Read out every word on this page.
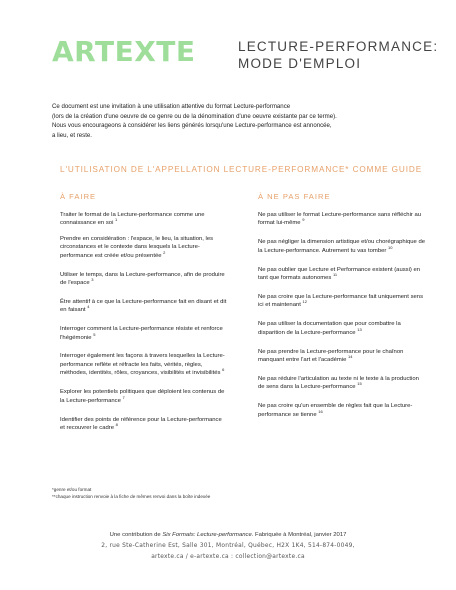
ARTEXTE	LECTURE-PERFORMANCE:
MODE D'EMPLOI
Ce document est une invitation à une utilisation attentive du format Lecture-performance
(lors de la création d'une oeuvre de ce genre ou de la dénomination d'une oeuvre existante par ce terme).
Nous vous encourageons à considérer les liens générés lorsqu'une Lecture-performance est annoncée,
a lieu, et reste.
L'UTILISATION DE L'APPELLATION LECTURE-PERFORMANCE* COMME GUIDE
À FAIRE
Traiter le format de la Lecture-performance comme une connaissance en soi $^1$
Prendre en considération : l'espace, le lieu, la situation, les circonstances et le contexte dans lesquels la Lecture-performance est créée et/ou présentée $^2$
Utiliser le temps, dans la Lecture-performance, afin de produire de l'espace $^3$
Être attentif à ce que la Lecture-performance fait en disant et dit en faisant $^4$
Interroger comment la Lecture-performance résiste et renforce l'hégémonie $^5$
Interroger également les façons à travers lesquelles la Lecture-performance reflète et réfracte les faits, vérités, règles, méthodes, identités, rôles, croyances, visibilités et invisibilités $^6$
Explorer les potentiels politiques que déploient les contenus de la Lecture-performance $^7$
Identifier des points de référence pour la Lecture-performance et recouvrer le cadre $^8$
À NE PAS FAIRE
Ne pas utiliser le format Lecture-performance sans réfléchir au format lui-même $^9$
Ne pas négliger la dimension artistique et/ou chorégraphique de la Lecture-performance. Autrement tu vas tomber $^{10}$
Ne pas oublier que Lecture et Performance existent (aussi) en tant que formats autonomes $^{11}$
Ne pas croire que la Lecture-performance fait uniquement sens ici et maintenant $^{12}$
Ne pas utiliser la documentation que pour combattre la disparition de la Lecture-performance $^{13}$
Ne pas prendre la Lecture-performance pour le chaînon manquant entre l'art et l'académie $^{14}$
Ne pas réduire l'articulation au texte ni le texte à la production de sens dans la Lecture-performance $^{15}$
Ne pas croire qu'un ensemble de règles fait que la Lecture-performance se tienne $^{16}$
*genre et/ou format
**chaque instruction renvoie à la fiche de mêmes renvoi dans la boîte indexée
Une contribution de Six Formats: Lecture-performance. Fabriquée à Montréal, janvier 2017
2, rue Ste-Catherine Est, Salle 301, Montréal, Québec, H2X 1K4, 514-874-0049,
artexte.ca / e-artexte.ca : collection@artexte.ca
